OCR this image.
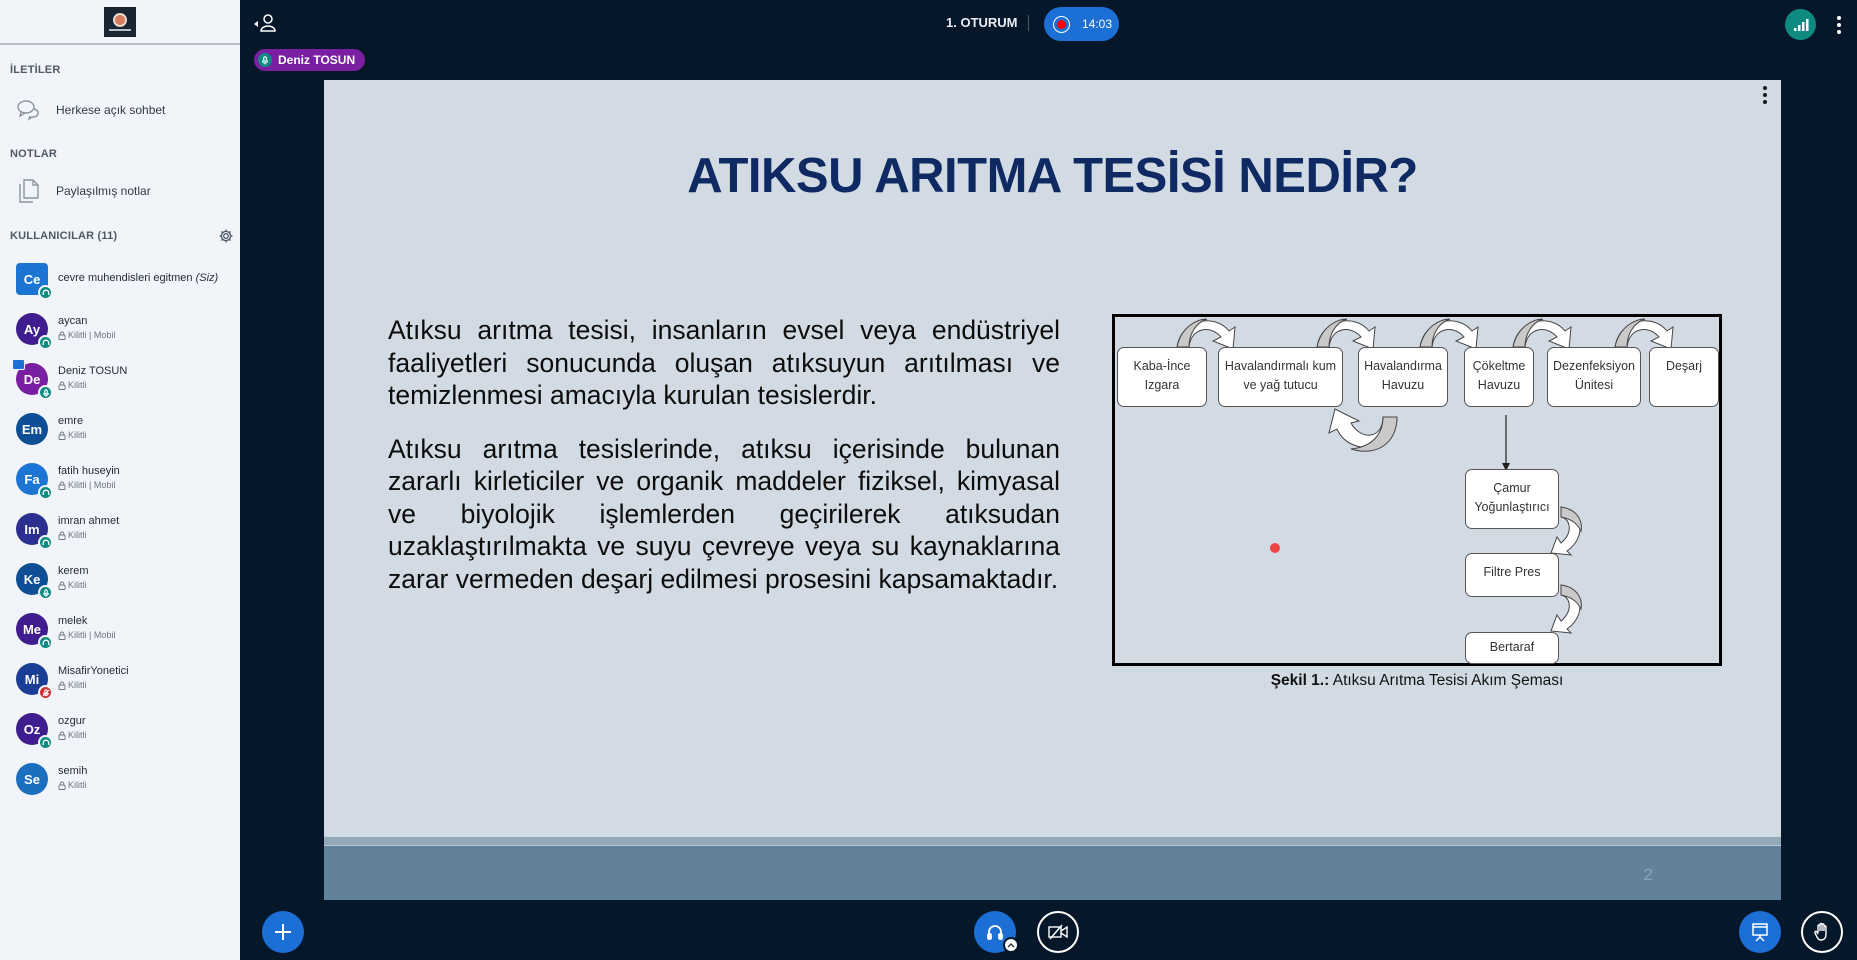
İLETİLER
Herkese açık sohbet
NOTLAR
Paylaşılmış notlar
KULLANICILAR (11)
Ce cevre muhendisleri egitmen (Siz)
Ay
aycan
Kilitli | Mobil
De
Deniz TOSUN
Kilitli
Em
emre
Kilitli
Fa
fatih huseyin
Kilitli | Mobil
Im
imran ahmet
Kilitli
Ke
kerem
Kilitli
Me
melek
Kilitli | Mobil
Mi
MisafirYonetici
Kilitli
Oz
ozgur
Kilitli
Se
semih
Kilitli
1. OTURUM	14:03
Deniz TOSUN
ATIKSU ARITMA TESİSİ NEDİR?

Atıksu arıtma tesisi, insanların evsel veya endüstriyel faaliyetleri sonucunda oluşan atıksuyun arıtılması ve temizlenmesi amacıyla kurulan tesislerdir.

Atıksu arıtma tesislerinde, atıksu içerisinde bulunan zararlı kirleticiler ve organik maddeler fiziksel, kimyasal ve biyolojik işlemlerden geçirilerek atıksudan uzaklaştırılmakta ve suyu çevreye veya su kaynaklarına zarar vermeden deşarj edilmesi prosesini kapsamaktadır.

Kaba-İnce
Izgara
Havalandırmalı kum
ve yağ tutucu
Havalandırma
Havuzu
Çökeltme
Havuzu
Dezenfeksiyon
Ünitesi
Deşarj
Çamur
Yoğunlaştırıcı
Filtre Pres
Bertaraf
Şekil 1.: Atıksu Arıtma Tesisi Akım Şeması
2
